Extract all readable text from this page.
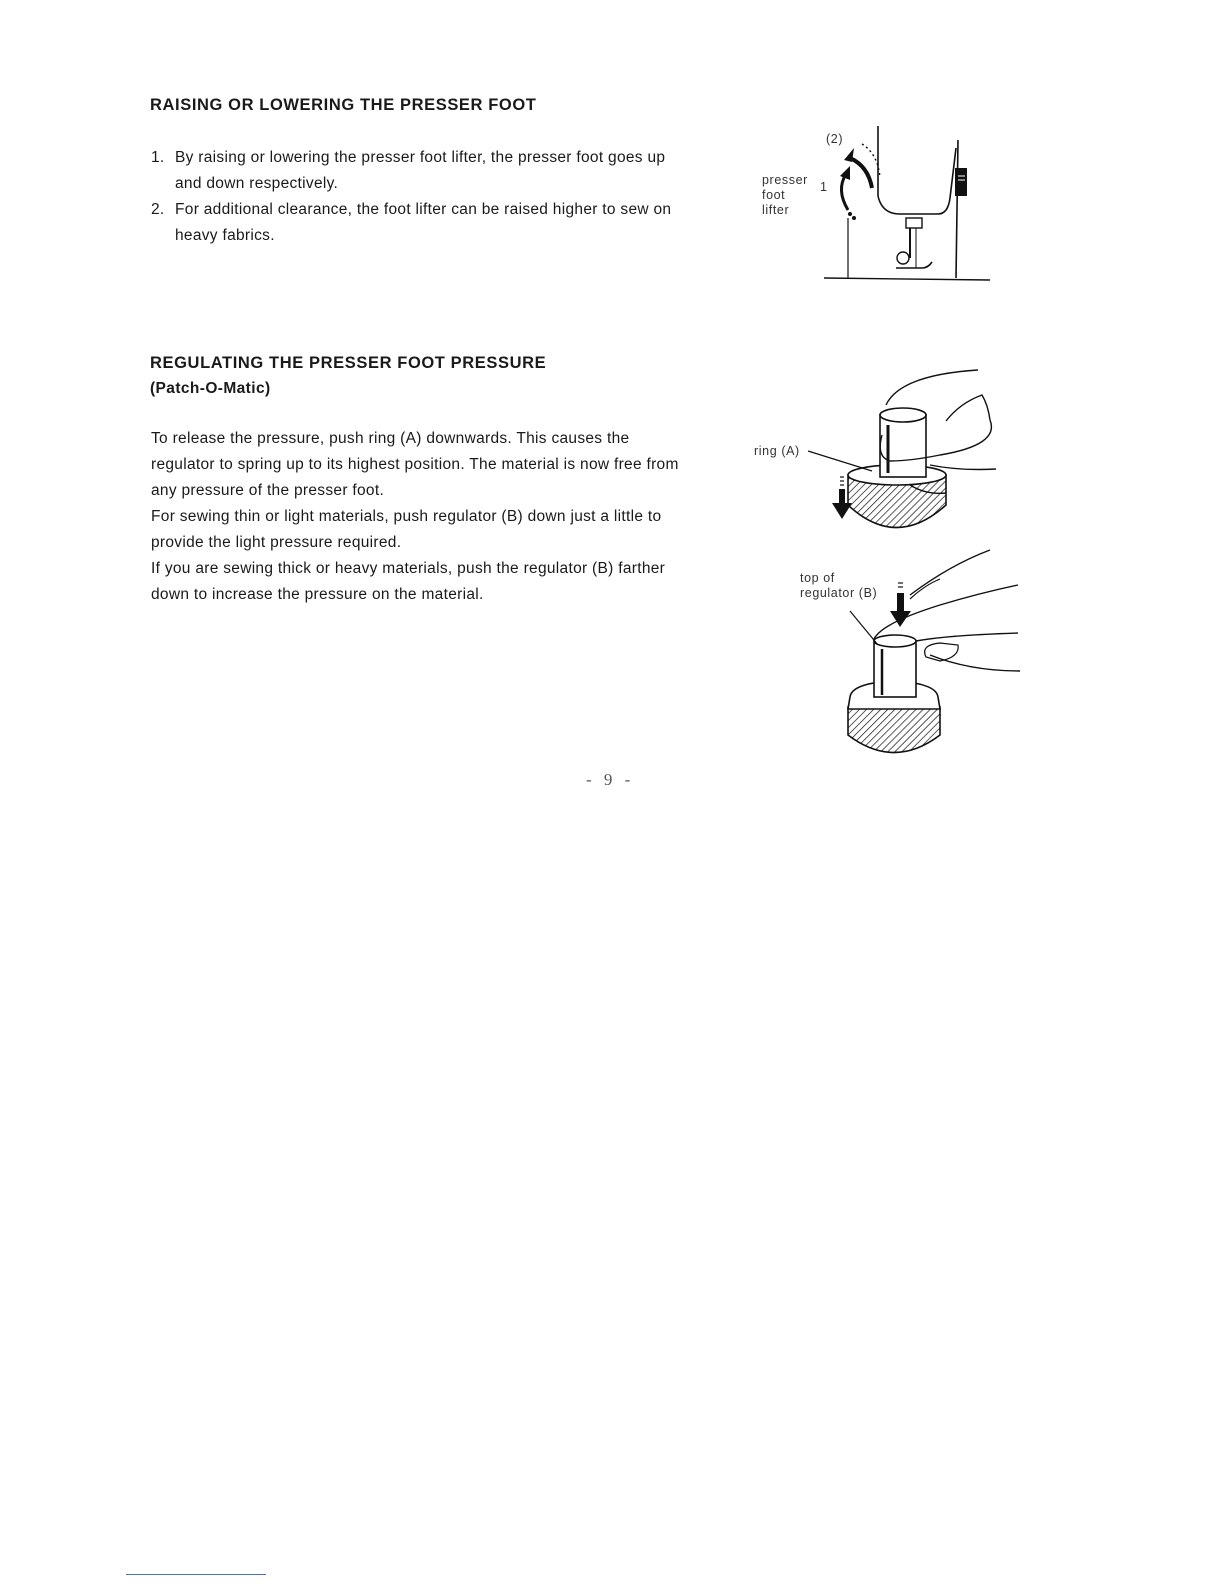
RAISING OR LOWERING THE PRESSER FOOT
1. By raising or lowering the presser foot lifter, the presser foot goes up and down respectively.
2. For additional clearance, the foot lifter can be raised higher to sew on heavy fabrics.
(2)
1
presser
foot
lifter
REGULATING THE PRESSER FOOT PRESSURE
(Patch-O-Matic)

To release the pressure, push ring (A) downwards. This causes the regulator to spring up to its highest position. The material is now free from any pressure of the presser foot.

For sewing thin or light materials, push regulator (B) down just a little to provide the light pressure required.

If you are sewing thick or heavy materials, push the regulator (B) farther down to increase the pressure on the material.

ring (A)
top of
regulator (B)
- 9 -
